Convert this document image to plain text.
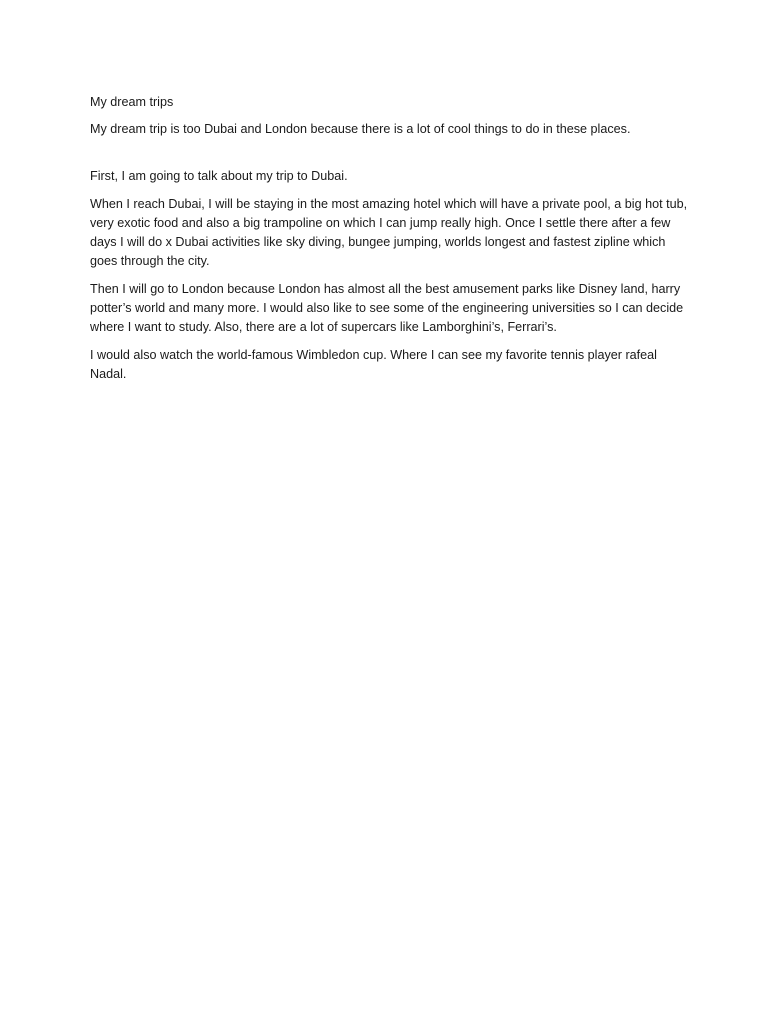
My dream trips

My dream trip is too Dubai and London because there is a lot of cool things to do in these places.

First, I am going to talk about my trip to Dubai.

When I reach Dubai, I will be staying in the most amazing hotel which will have a private pool, a big hot tub, very exotic food and also a big trampoline on which I can jump really high. Once I settle there after a few days I will do x Dubai activities like sky diving, bungee jumping, worlds longest and fastest zipline which goes through the city.

Then I will go to London because London has almost all the best amusement parks like Disney land, harry potter’s world and many more. I would also like to see some of the engineering universities so I can decide where I want to study. Also, there are a lot of supercars like Lamborghini’s, Ferrari’s.

I would also watch the world-famous Wimbledon cup. Where I can see my favorite tennis player rafeal Nadal.
